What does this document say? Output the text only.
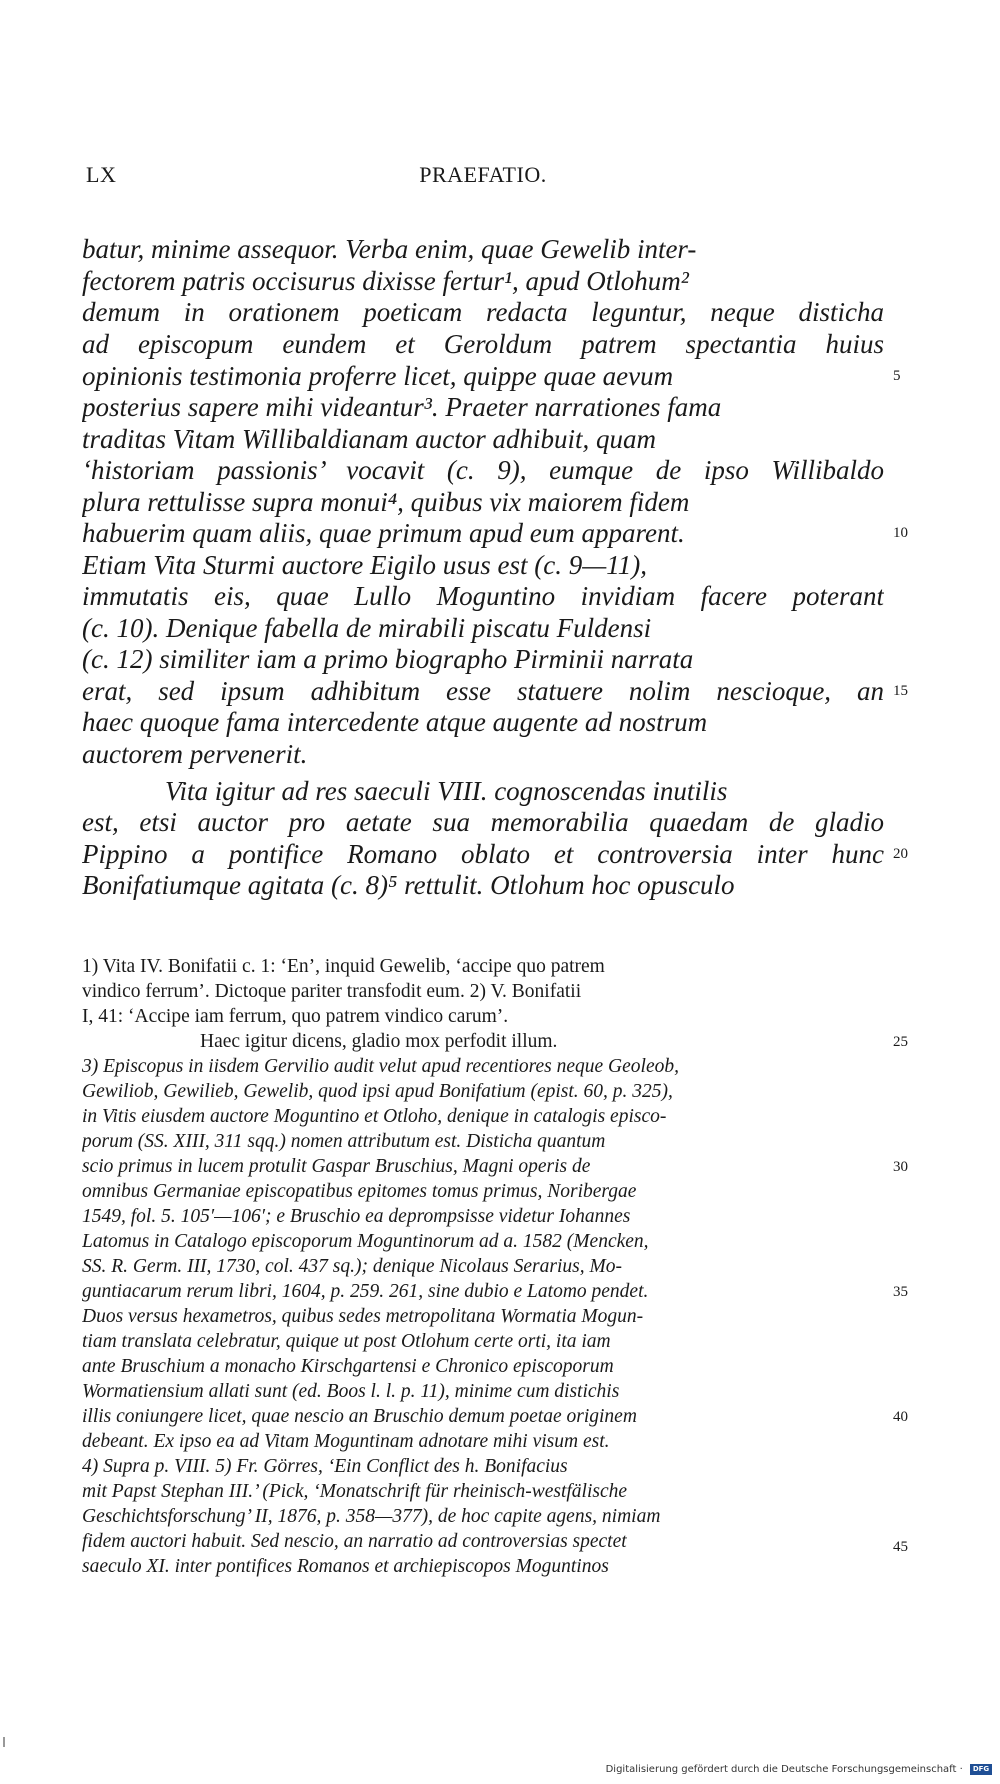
LX	PRAEFATIO.
batur, minime assequor. Verba enim, quae Gewelib inter-
fectorem patris occisurus dixisse fertur¹, apud Otlohum²
demum in orationem poeticam redacta leguntur, neque disticha
ad episcopum eundem et Geroldum patrem spectantia huius
opinionis testimonia proferre licet, quippe quae aevum
posterius sapere mihi videantur³. Praeter narrationes fama
traditas Vitam Willibaldianam auctor adhibuit, quam
‘historiam passionis’ vocavit (c. 9), eumque de ipso Willibaldo
plura rettulisse supra monui⁴, quibus vix maiorem fidem
habuerim quam aliis, quae primum apud eum apparent.
Etiam Vita Sturmi auctore Eigilo usus est (c. 9—11),
immutatis eis, quae Lullo Moguntino invidiam facere poterant
(c. 10). Denique fabella de mirabili piscatu Fuldensi
(c. 12) similiter iam a primo biographo Pirminii narrata
erat, sed ipsum adhibitum esse statuere nolim nescioque, an
haec quoque fama intercedente atque augente ad nostrum
auctorem pervenerit.
Vita igitur ad res saeculi VIII. cognoscendas inutilis
est, etsi auctor pro aetate sua memorabilia quaedam de gladio
Pippino a pontifice Romano oblato et controversia inter hunc
Bonifatiumque agitata (c. 8)⁵ rettulit. Otlohum hoc opusculo
1) Vita IV. Bonifatii c. 1: ‘En’, inquid Gewelib, ‘accipe quo patrem
vindico ferrum’. Dictoque pariter transfodit eum. 2) V. Bonifatii
I, 41: ‘Accipe iam ferrum, quo patrem vindico carum’.
Haec igitur dicens, gladio mox perfodit illum.
3) Episcopus in iisdem Gervilio audit velut apud recentiores neque Geoleob,
Gewiliob, Gewilieb, Gewelib, quod ipsi apud Bonifatium (epist. 60, p. 325),
in Vitis eiusdem auctore Moguntino et Otloho, denique in catalogis episco-
porum (SS. XIII, 311 sqq.) nomen attributum est. Disticha quantum
scio primus in lucem protulit Gaspar Bruschius, Magni operis de
omnibus Germaniae episcopatibus epitomes tomus primus, Noribergae
1549, fol. 5. 105′—106′; e Bruschio ea deprompsisse videtur Iohannes
Latomus in Catalogo episcoporum Moguntinorum ad a. 1582 (Mencken,
SS. R. Germ. III, 1730, col. 437 sq.); denique Nicolaus Serarius, Mo-
guntiacarum rerum libri, 1604, p. 259. 261, sine dubio e Latomo pendet.
Duos versus hexametros, quibus sedes metropolitana Wormatia Mogun-
tiam translata celebratur, quique ut post Otlohum certe orti, ita iam
ante Bruschium a monacho Kirschgartensi e Chronico episcoporum
Wormatiensium allati sunt (ed. Boos l. l. p. 11), minime cum distichis
illis coniungere licet, quae nescio an Bruschio demum poetae originem
debeant. Ex ipso ea ad Vitam Moguntinam adnotare mihi visum est.
4) Supra p. VIII. 5) Fr. Görres, ‘Ein Conflict des h. Bonifacius
mit Papst Stephan III.’ (Pick, ‘Monatschrift für rheinisch-westfälische
Geschichtsforschung’ II, 1876, p. 358—377), de hoc capite agens, nimiam
fidem auctori habuit. Sed nescio, an narratio ad controversias spectet
saeculo XI. inter pontifices Romanos et archiepiscopos Moguntinos
5
10
15
20
25
30
35
40
45
Digitalisierung gefördert durch die Deutsche Forschungsgemeinschaft · DFG
